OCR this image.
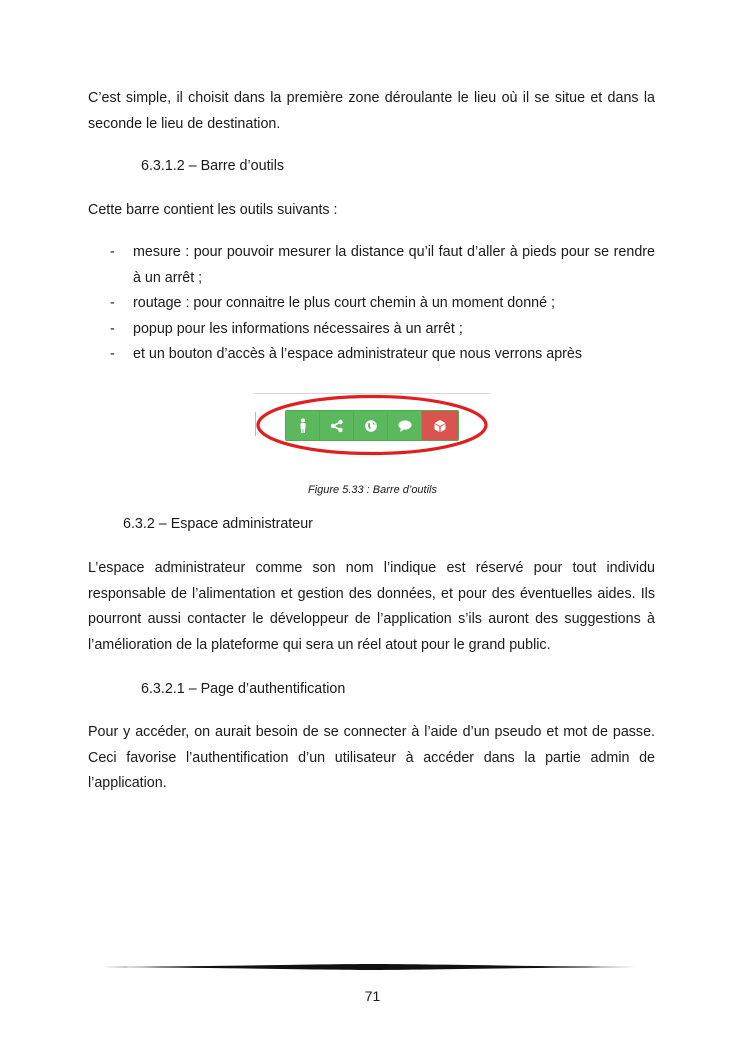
C’est simple, il choisit dans la première zone déroulante le lieu où il se situe et dans la seconde le lieu de destination.

6.3.1.2 – Barre d’outils

Cette barre contient les outils suivants :

- mesure : pour pouvoir mesurer la distance qu’il faut d’aller à pieds pour se rendre à un arrêt ;
- routage : pour connaitre le plus court chemin à un moment donné ;
- popup pour les informations nécessaires à un arrêt ;
- et un bouton d’accès à l’espace administrateur que nous verrons après

Figure 5.33 : Barre d’outils

6.3.2 – Espace administrateur

L’espace administrateur comme son nom l’indique est réservé pour tout individu responsable de l’alimentation et gestion des données, et pour des éventuelles aides. Ils pourront aussi contacter le développeur de l’application s’ils auront des suggestions à l’amélioration de la plateforme qui sera un réel atout pour le grand public.

6.3.2.1 – Page d’authentification

Pour y accéder, on aurait besoin de se connecter à l’aide d’un pseudo et mot de passe. Ceci favorise l’authentification d’un utilisateur à accéder dans la partie admin de l’application.

71
